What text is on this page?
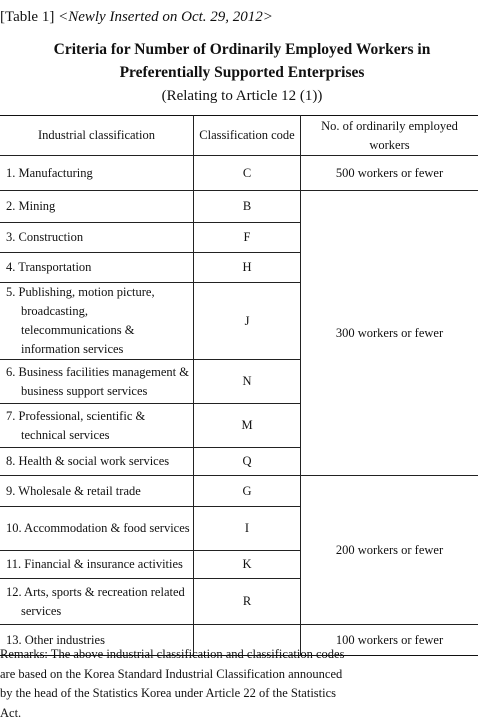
[Table 1] <Newly Inserted on Oct. 29, 2012>
Criteria for Number of Ordinarily Employed Workers in
Preferentially Supported Enterprises
(Relating to Article 12 (1))
Industrial classification	Classification code	No. of ordinarily employed workers

1. Manufacturing	C	500 workers or fewer

2. Mining	B	300 workers or fewer

3. Construction	F	

4. Transportation	H	

5. Publishing, motion picture, broadcasting, telecommunications & information services	J	

6. Business facilities management & business support services	N	

7. Professional, scientific & technical services	M	

8. Health & social work services	Q	

9. Wholesale & retail trade	G	200 workers or fewer

10. Accommodation & food services	I	

11. Financial & insurance activities	K	

12. Arts, sports & recreation related services	R	

13. Other industries		100 workers or fewer
Remarks: The above industrial classification and classification codes are based on the Korea Standard Industrial Classification announced by the head of the Statistics Korea under Article 22 of the Statistics Act.
